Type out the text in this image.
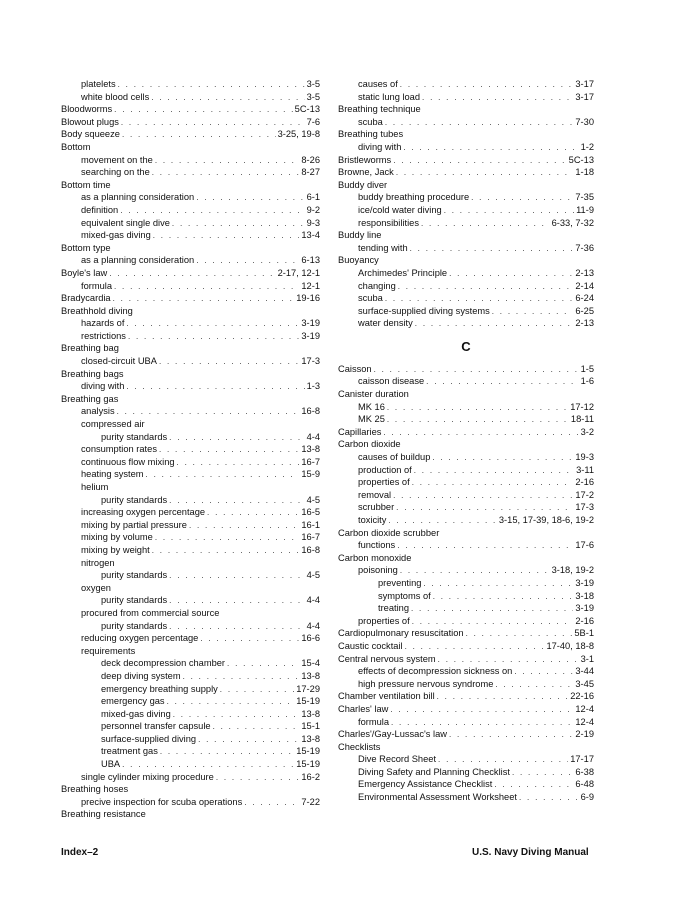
platelets . . .	3-5
white blood cells . . .	3-5
Bloodworms . . .	5C-13
Blowout plugs . . .	7-6
Body squeeze . . .	3-25, 19-8
Bottom
movement on the . . .	8-26
searching on the . . .	8-27
Bottom time
as a planning consideration . . .	6-1
definition . . .	9-2
equivalent single dive . . .	9-3
mixed-gas diving . . .	13-4
Bottom type
as a planning consideration . . .	6-13
Boyle's law . . .	2-17, 12-1
formula . . .	12-1
Bradycardia . . .	19-16
Breathhold diving
hazards of . . .	3-19
restrictions . . .	3-19
Breathing bag
closed-circuit UBA . . .	17-3
Breathing bags
diving with . . .	1-3
Breathing gas
analysis . . .	16-8
compressed air
purity standards . . .	4-4
consumption rates . . .	13-8
continuous flow mixing . . .	16-7
heating system . . .	15-9
helium
purity standards . . .	4-5
increasing oxygen percentage . . .	16-5
mixing by partial pressure . . .	16-1
mixing by volume . . .	16-7
mixing by weight . . .	16-8
nitrogen
purity standards . . .	4-5
oxygen
purity standards . . .	4-4
procured from commercial source
purity standards . . .	4-4
reducing oxygen percentage . . .	16-6
requirements
deck decompression chamber . . .	15-4
deep diving system . . .	13-8
emergency breathing supply . . .	17-29
emergency gas . . .	15-19
mixed-gas diving . . .	13-8
personnel transfer capsule . . .	15-1
surface-supplied diving . . .	13-8
treatment gas . . .	15-19
UBA . . .	15-19
single cylinder mixing procedure . . .	16-2
Breathing hoses
precive inspection for scuba operations . . .	7-22
Breathing resistance
causes of . . .	3-17
static lung load . . .	3-17
Breathing technique
scuba . . .	7-30
Breathing tubes
diving with . . .	1-2
Bristleworms . . .	5C-13
Browne, Jack . . .	1-18
Buddy diver
buddy breathing procedure . . .	7-35
ice/cold water diving . . .	11-9
responsibilities . . .	6-33, 7-32
Buddy line
tending with . . .	7-36
Buoyancy
Archimedes' Principle . . .	2-13
changing . . .	2-14
scuba . . .	6-24
surface-supplied diving systems . . .	6-25
water density . . .	2-13
C
Caisson . . .	1-5
caisson disease . . .	1-6
Canister duration
MK 16 . . .	17-12
MK 25 . . .	18-11
Capillaries . . .	3-2
Carbon dioxide
causes of buildup . . .	19-3
production of . . .	3-11
properties of . . .	2-16
removal . . .	17-2
scrubber . . .	17-3
toxicity . . .	3-15, 17-39, 18-6, 19-2
Carbon dioxide scrubber
functions . . .	17-6
Carbon monoxide
poisoning . . .	3-18, 19-2
preventing . . .	3-19
symptoms of . . .	3-18
treating . . .	3-19
properties of . . .	2-16
Cardiopulmonary resuscitation . . .	5B-1
Caustic cocktail . . .	17-40, 18-8
Central nervous system . . .	3-1
effects of decompression sickness on . . .	3-44
high pressure nervous syndrome . . .	3-45
Chamber ventilation bill . . .	22-16
Charles' law . . .	12-4
formula . . .	12-4
Charles'/Gay-Lussac's law . . .	2-19
Checklists
Dive Record Sheet . . .	17-17
Diving Safety and Planning Checklist . . .	6-38
Emergency Assistance Checklist . . .	6-48
Environmental Assessment Worksheet . . .	6-9
Index–2	U.S. Navy Diving Manual
